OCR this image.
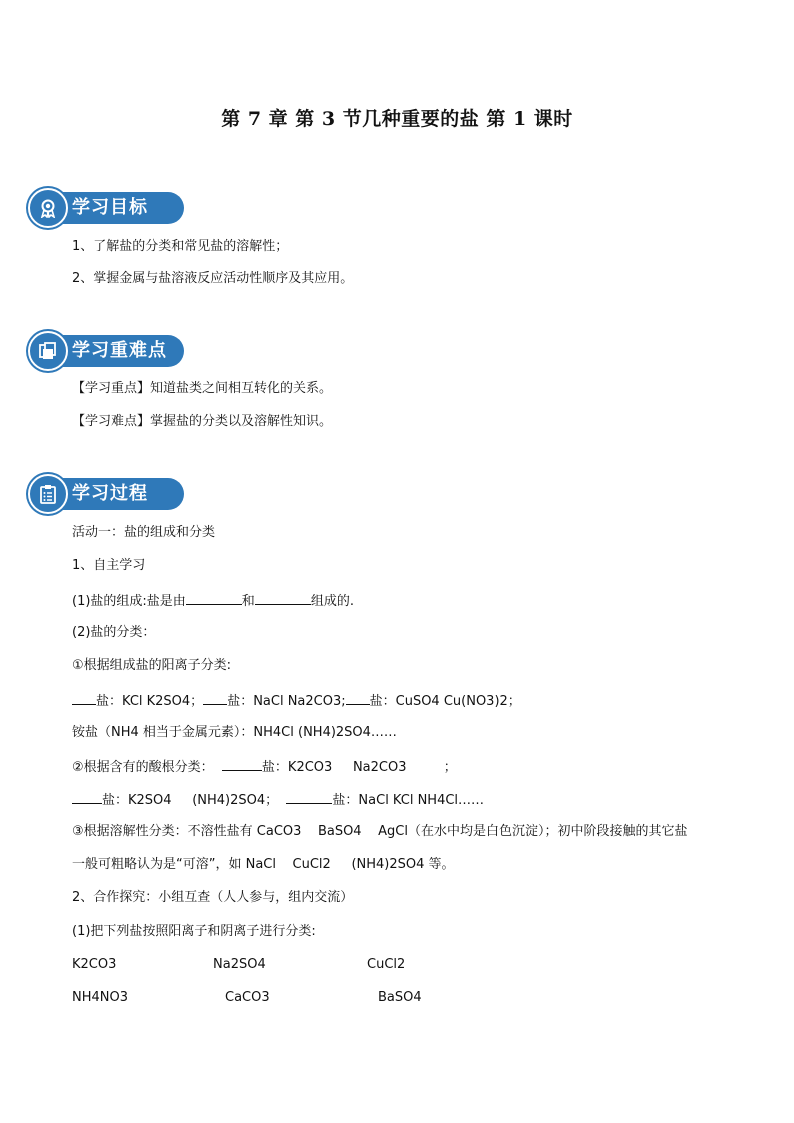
第 7 章 第 3 节几种重要的盐 第 1 课时
学习目标
1、了解盐的分类和常见盐的溶解性；
2、掌握金属与盐溶液反应活动性顺序及其应用。
学习重难点
【学习重点】知道盐类之间相互转化的关系。
【学习难点】掌握盐的分类以及溶解性知识。
学习过程
活动一：盐的组成和分类
1、自主学习
(1)盐的组成:盐是由	和	组成的.
(2)盐的分类：
①根据组成盐的阳离子分类:
盐：KCl K2SO4； 盐：NaCl Na2CO3; 盐：CuSO4 Cu(NO3)2；
铵盐（NH4 相当于金属元素）：NH4Cl (NH4)2SO4……
②根据含有的酸根分类：	盐：K2CO3     Na2CO3         ；
盐：K2SO4     (NH4)2SO4；	盐：NaCl KCl NH4Cl……
③根据溶解性分类：不溶性盐有 CaCO3    BaSO4    AgCl（在水中均是白色沉淀）；初中阶段接触的其它盐
一般可粗略认为是“可溶”，如 NaCl    CuCl2     (NH4)2SO4 等。
2、合作探究：小组互查（人人参与，组内交流）
(1)把下列盐按照阳离子和阴离子进行分类:
K2CO3	Na2SO4	CuCl2
NH4NO3	CaCO3	BaSO4
